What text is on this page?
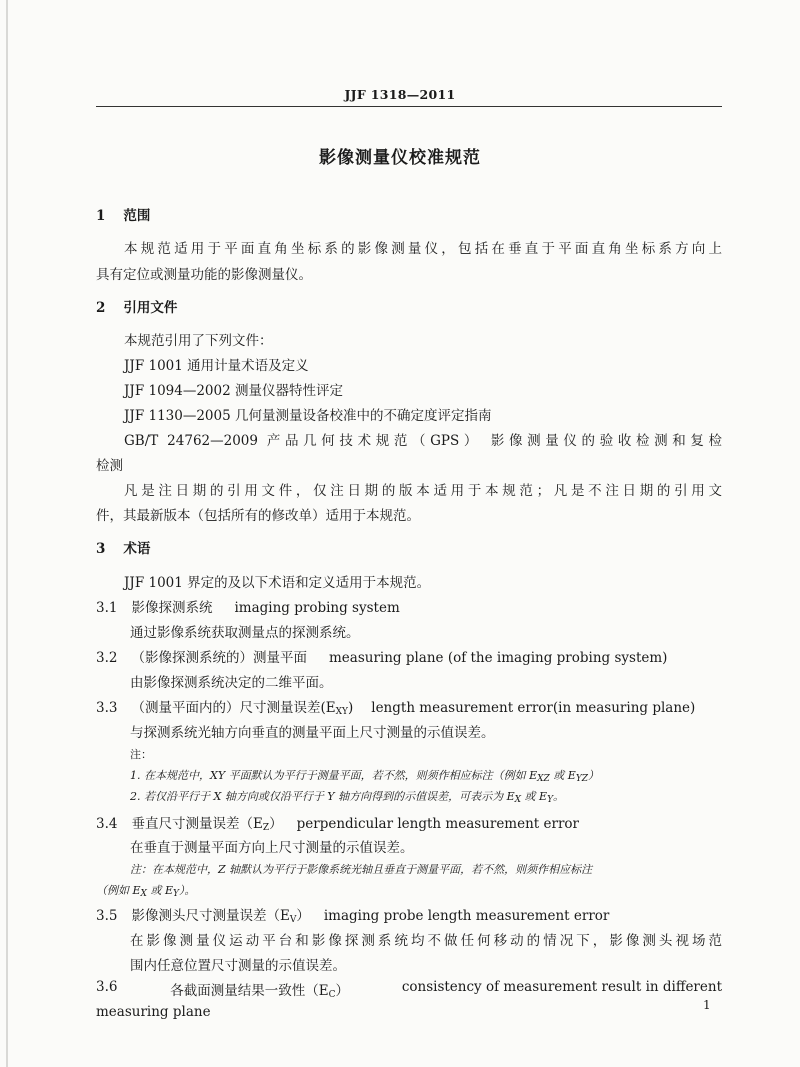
JJF 1318—2011
影像测量仪校准规范
1 范围
本规范适用于平面直角坐标系的影像测量仪，包括在垂直于平面直角坐标系方向上
具有定位或测量功能的影像测量仪。
2 引用文件
本规范引用了下列文件：
JJF 1001 通用计量术语及定义
JJF 1094—2002 测量仪器特性评定
JJF 1130—2005 几何量测量设备校准中的不确定度评定指南
GB/T 24762—2009 产品几何技术规范（GPS） 影像测量仪的验收检测和复检
检测
凡是注日期的引用文件，仅注日期的版本适用于本规范；凡是不注日期的引用文
件，其最新版本（包括所有的修改单）适用于本规范。
3 术语
JJF 1001 界定的及以下术语和定义适用于本规范。
3.1 影像探测系统 imaging probing system
通过影像系统获取测量点的探测系统。
3.2 （影像探测系统的）测量平面 measuring plane (of the imaging probing system)
由影像探测系统决定的二维平面。
3.3 （测量平面内的）尺寸测量误差$(E_{XY})$ length measurement error(in measuring plane)
与探测系统光轴方向垂直的测量平面上尺寸测量的示值误差。
注：
1. 在本规范中，XY 平面默认为平行于测量平面，若不然，则须作相应标注（例如 $E_{XZ}$ 或 $E_{YZ}$）
2. 若仅沿平行于 X 轴方向或仅沿平行于 Y 轴方向得到的示值误差，可表示为 $E_X$ 或 $E_Y$。
3.4 垂直尺寸测量误差$(E_Z)$ perpendicular length measurement error
在垂直于测量平面方向上尺寸测量的示值误差。
注：在本规范中，Z 轴默认为平行于影像系统光轴且垂直于测量平面，若不然，则须作相应标注
（例如 $E_X$ 或 $E_Y$）。
3.5 影像测头尺寸测量误差$(E_V)$ imaging probe length measurement error
在影像测量仪运动平台和影像探测系统均不做任何移动的情况下，影像测头视场范
围内任意位置尺寸测量的示值误差。
3.6	各截面测量结果一致性$(E_C)$	consistency of measurement result in different
measuring plane	1
